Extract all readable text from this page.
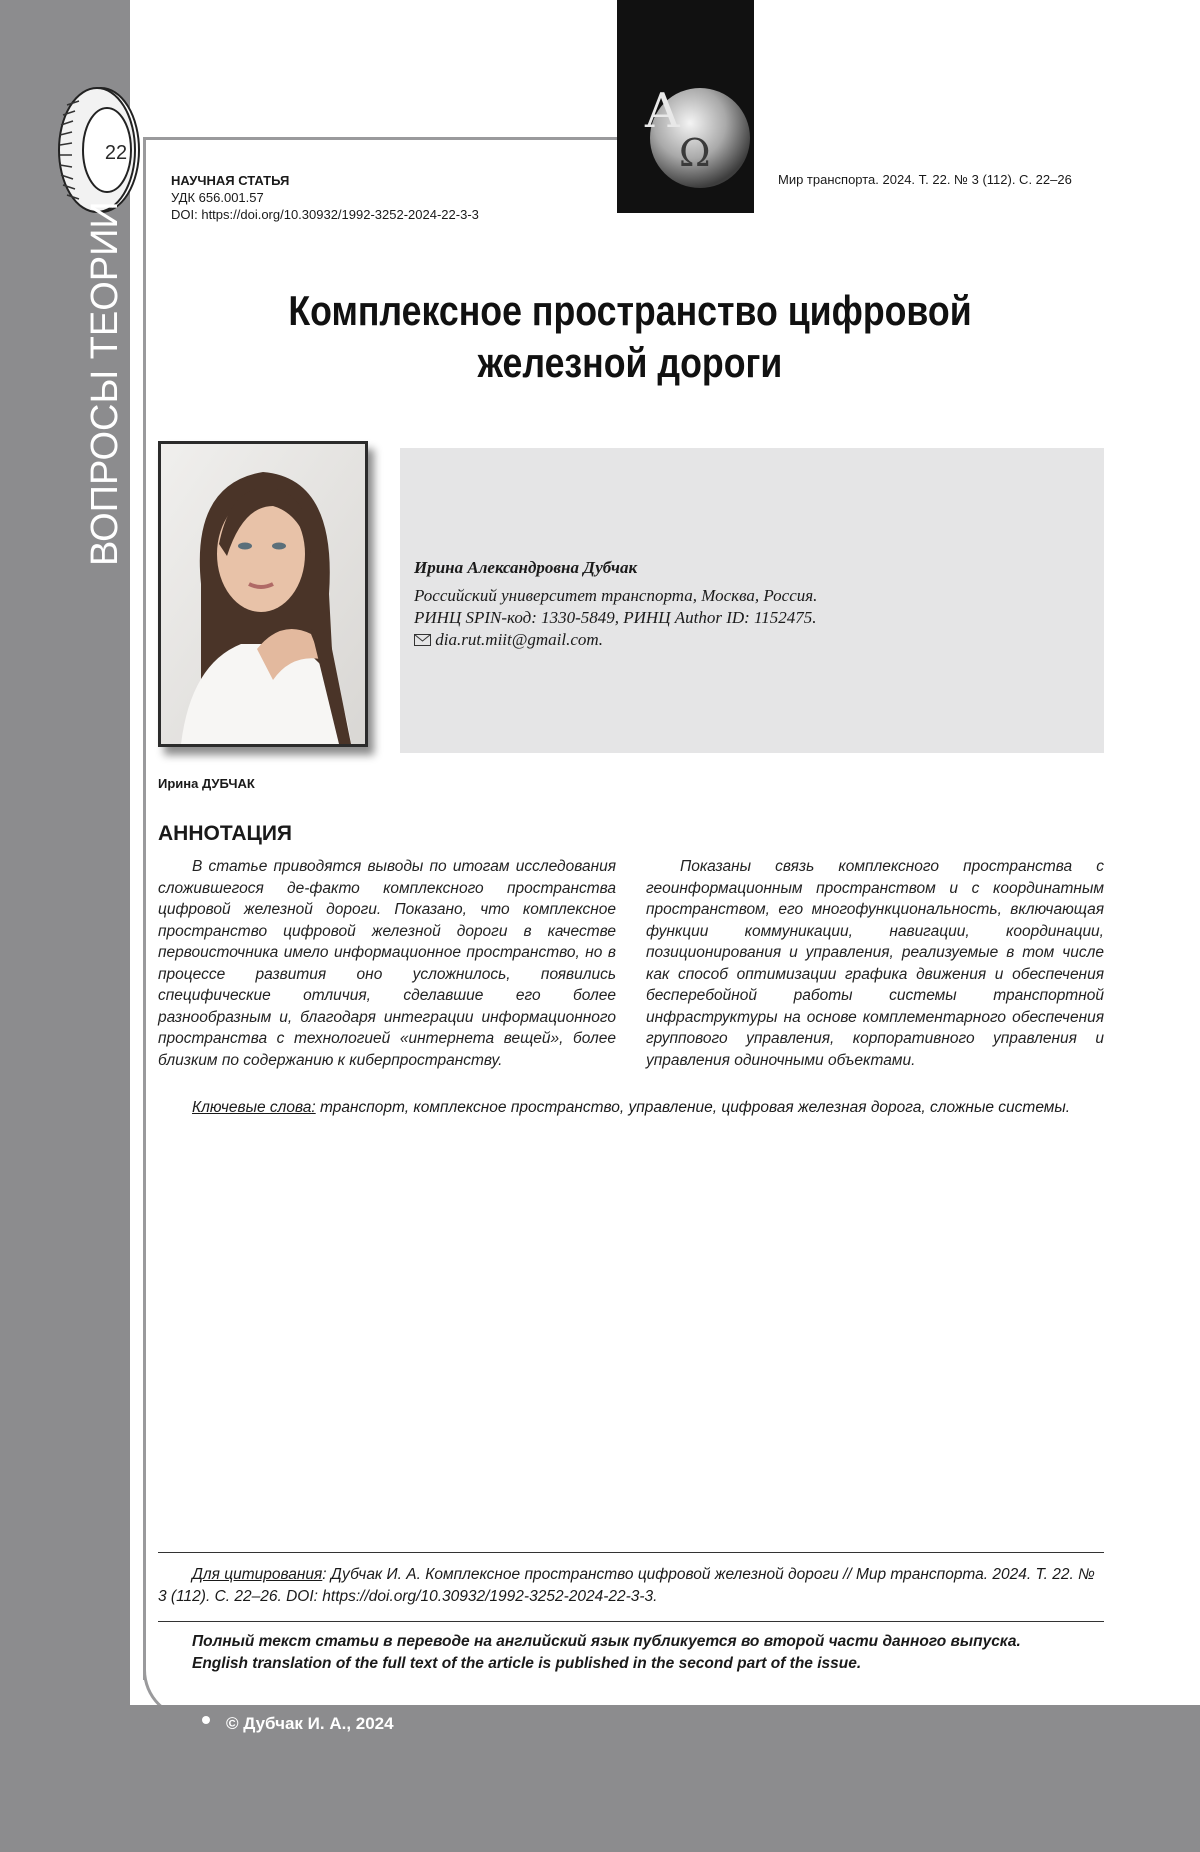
22
ВОПРОСЫ ТЕОРИИ
A
Ω
НАУЧНАЯ СТАТЬЯ
УДК 656.001.57
DOI: https://doi.org/10.30932/1992-3252-2024-22-3-3
Мир транспорта. 2024. Т. 22. № 3 (112). С. 22–26
Комплексное пространство цифровой
железной дороги
Ирина ДУБЧАК
Ирина Александровна Дубчак
Российский университет транспорта, Москва, Россия.
РИНЦ SPIN-код: 1330-5849, РИНЦ Author ID: 1152475.
dia.rut.miit@gmail.com.
АННОТАЦИЯ

В статье приводятся выводы по итогам исследования сложившегося де-факто комплексного пространства цифровой железной дороги. Показано, что комплексное пространство цифровой железной дороги в качестве первоисточника имело информационное пространство, но в процессе развития оно усложнилось, появились специфические отличия, сделавшие его более разнообразным и, благодаря интеграции информационного пространства с технологией «интернета вещей», более близким по содержанию к киберпространству.

Показаны связь комплексного пространства с геоинформационным пространством и с координатным пространством, его многофункциональность, включающая функции коммуникации, навигации, координации, позиционирования и управления, реализуемые в том числе как способ оптимизации графика движения и обеспечения бесперебойной работы системы транспортной инфраструктуры на основе комплементарного обеспечения группового управления, корпоративного управления и управления одиночными объектами.

Ключевые слова: транспорт, комплексное пространство, управление, цифровая железная дорога, сложные системы.
Для цитирования: Дубчак И. А. Комплексное пространство цифровой железной дороги // Мир транспорта. 2024. Т. 22. № 3 (112). С. 22–26. DOI: https://doi.org/10.30932/1992-3252-2024-22-3-3.
Полный текст статьи в переводе на английский язык публикуется во второй части данного выпуска.
English translation of the full text of the article is published in the second part of the issue.
© Дубчак И. А., 2024
